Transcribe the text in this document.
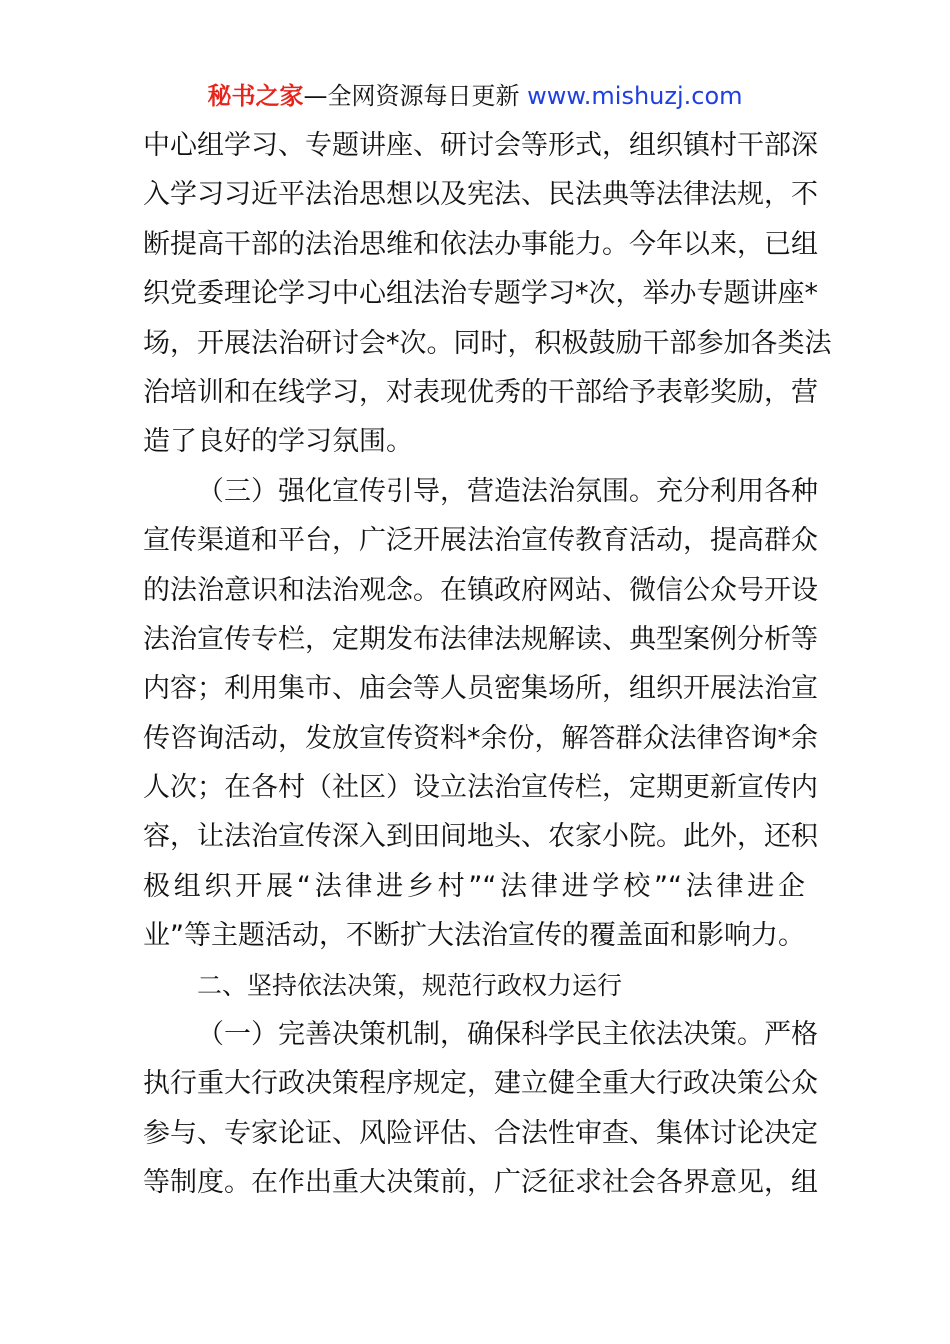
秘书之家—全网资源每日更新 www.mishuzj.com
中心组学习、专题讲座、研讨会等形式，组织镇村干部深
入学习习近平法治思想以及宪法、民法典等法律法规，不
断提高干部的法治思维和依法办事能力。今年以来，已组
织党委理论学习中心组法治专题学习*次，举办专题讲座*
场，开展法治研讨会*次。同时，积极鼓励干部参加各类法
治培训和在线学习，对表现优秀的干部给予表彰奖励，营
造了良好的学习氛围。
（三）强化宣传引导，营造法治氛围。充分利用各种
宣传渠道和平台，广泛开展法治宣传教育活动，提高群众
的法治意识和法治观念。在镇政府网站、微信公众号开设
法治宣传专栏，定期发布法律法规解读、典型案例分析等
内容；利用集市、庙会等人员密集场所，组织开展法治宣
传咨询活动，发放宣传资料*余份，解答群众法律咨询*余
人次；在各村（社区）设立法治宣传栏，定期更新宣传内
容，让法治宣传深入到田间地头、农家小院。此外，还积
极组织开展“法律进乡村”“法律进学校”“法律进企
业”等主题活动，不断扩大法治宣传的覆盖面和影响力。
二、坚持依法决策，规范行政权力运行
（一）完善决策机制，确保科学民主依法决策。严格
执行重大行政决策程序规定，建立健全重大行政决策公众
参与、专家论证、风险评估、合法性审查、集体讨论决定
等制度。在作出重大决策前，广泛征求社会各界意见，组
